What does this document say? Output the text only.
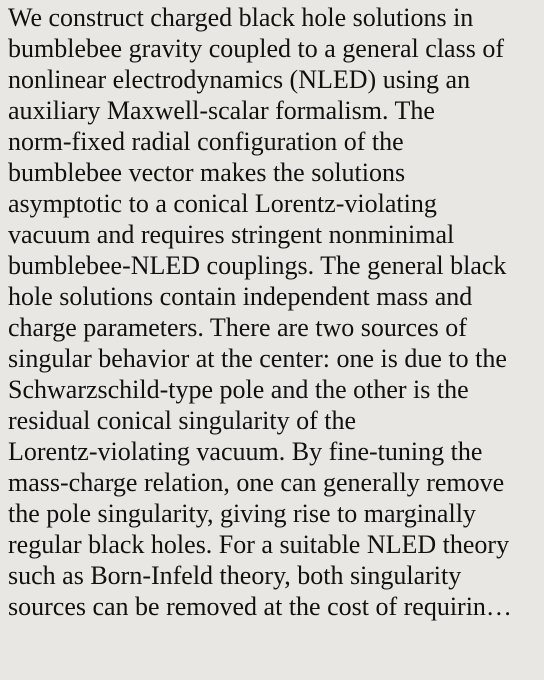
We construct charged black hole solutions in
bumblebee gravity coupled to a general class of
nonlinear electrodynamics (NLED) using an
auxiliary Maxwell-scalar formalism. The
norm-fixed radial configuration of the
bumblebee vector makes the solutions
asymptotic to a conical Lorentz-violating
vacuum and requires stringent nonminimal
bumblebee-NLED couplings. The general black
hole solutions contain independent mass and
charge parameters. There are two sources of
singular behavior at the center: one is due to the
Schwarzschild-type pole and the other is the
residual conical singularity of the
Lorentz-violating vacuum. By fine-tuning the
mass-charge relation, one can generally remove
the pole singularity, giving rise to marginally
regular black holes. For a suitable NLED theory
such as Born-Infeld theory, both singularity
sources can be removed at the cost of requirin…
